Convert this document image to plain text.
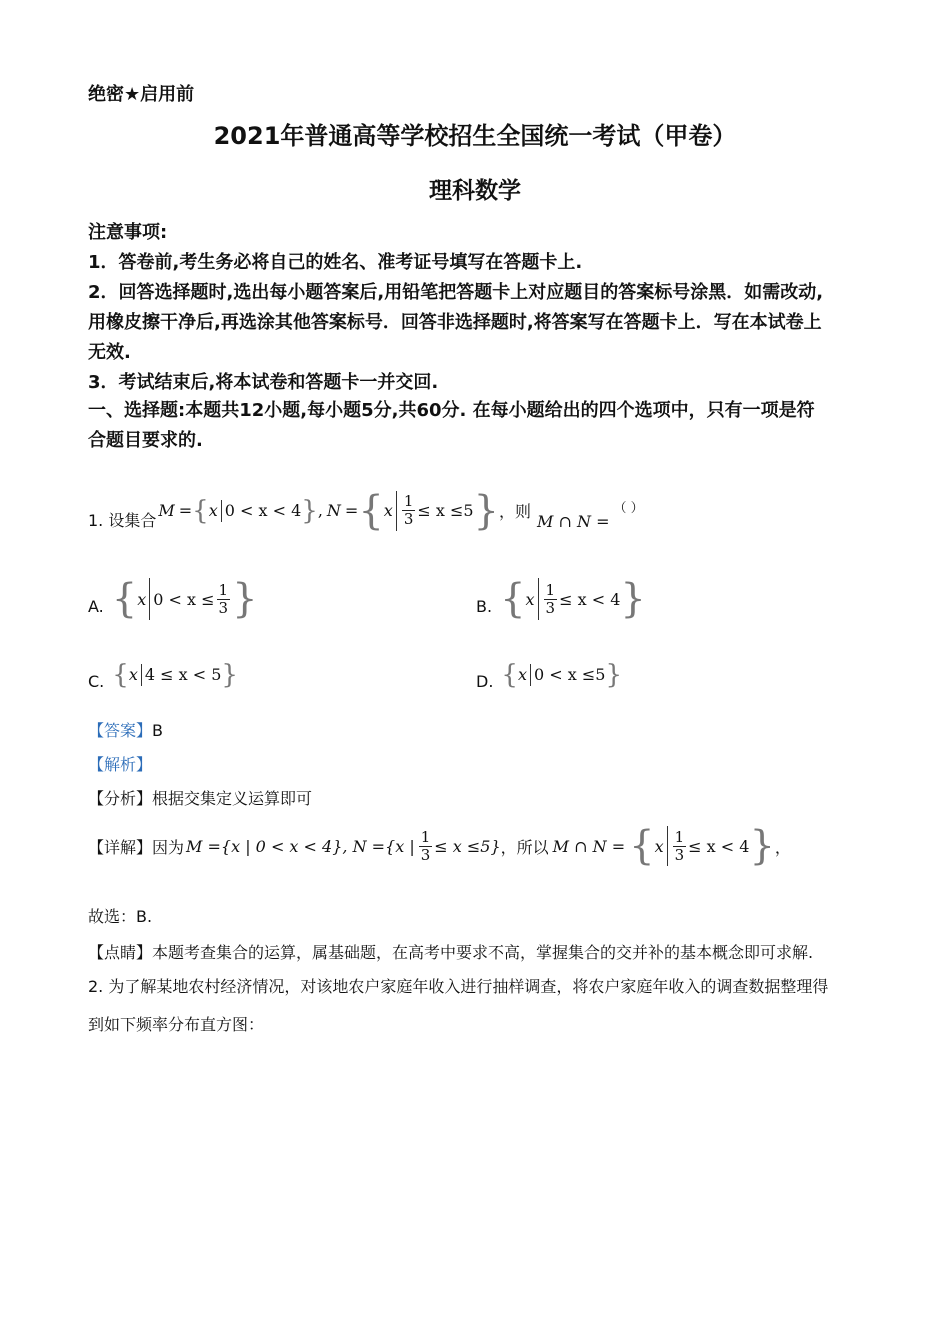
绝密★启用前
2021年普通高等学校招生全国统一考试（甲卷）
理科数学
注意事项:
1．答卷前,考生务必将自己的姓名、准考证号填写在答题卡上.
2．回答选择题时,选出每小题答案后,用铅笔把答题卡上对应题目的答案标号涂黑．如需改动,
用橡皮擦干净后,再选涂其他答案标号．回答非选择题时,将答案写在答题卡上．写在本试卷上
无效.
3．考试结束后,将本试卷和答题卡一并交回.
一、选择题:本题共12小题,每小题5分,共60分. 在每小题给出的四个选项中，只有一项是符
合题目要求的.
1. 设集合
M = { x 0 < x < 4 } , N = { x $\frac{1}{3} \le x \le 5$ } ，则
M ∩ N =
（ ）
A. { x $0 < x \le \frac{1}{3}$ }	B. { x $\frac{1}{3} \le x < 4$ }
C. { x 4 ≤ x < 5 }	D. { x 0 < x ≤5 }
【答案】B
【解析】
【分析】根据交集定义运算即可
【详解】 因为 M ={x | 0 < x < 4}, N ={x | $\frac{1}{3} \le x \le 5$} ，所以 M ∩ N = { x $\frac{1}{3} \le x < 4$ } ，
故选：B.
【点睛】本题考查集合的运算，属基础题，在高考中要求不高，掌握集合的交并补的基本概念即可求解.
2. 为了解某地农村经济情况，对该地农户家庭年收入进行抽样调查，将农户家庭年收入的调查数据整理得
到如下频率分布直方图：
